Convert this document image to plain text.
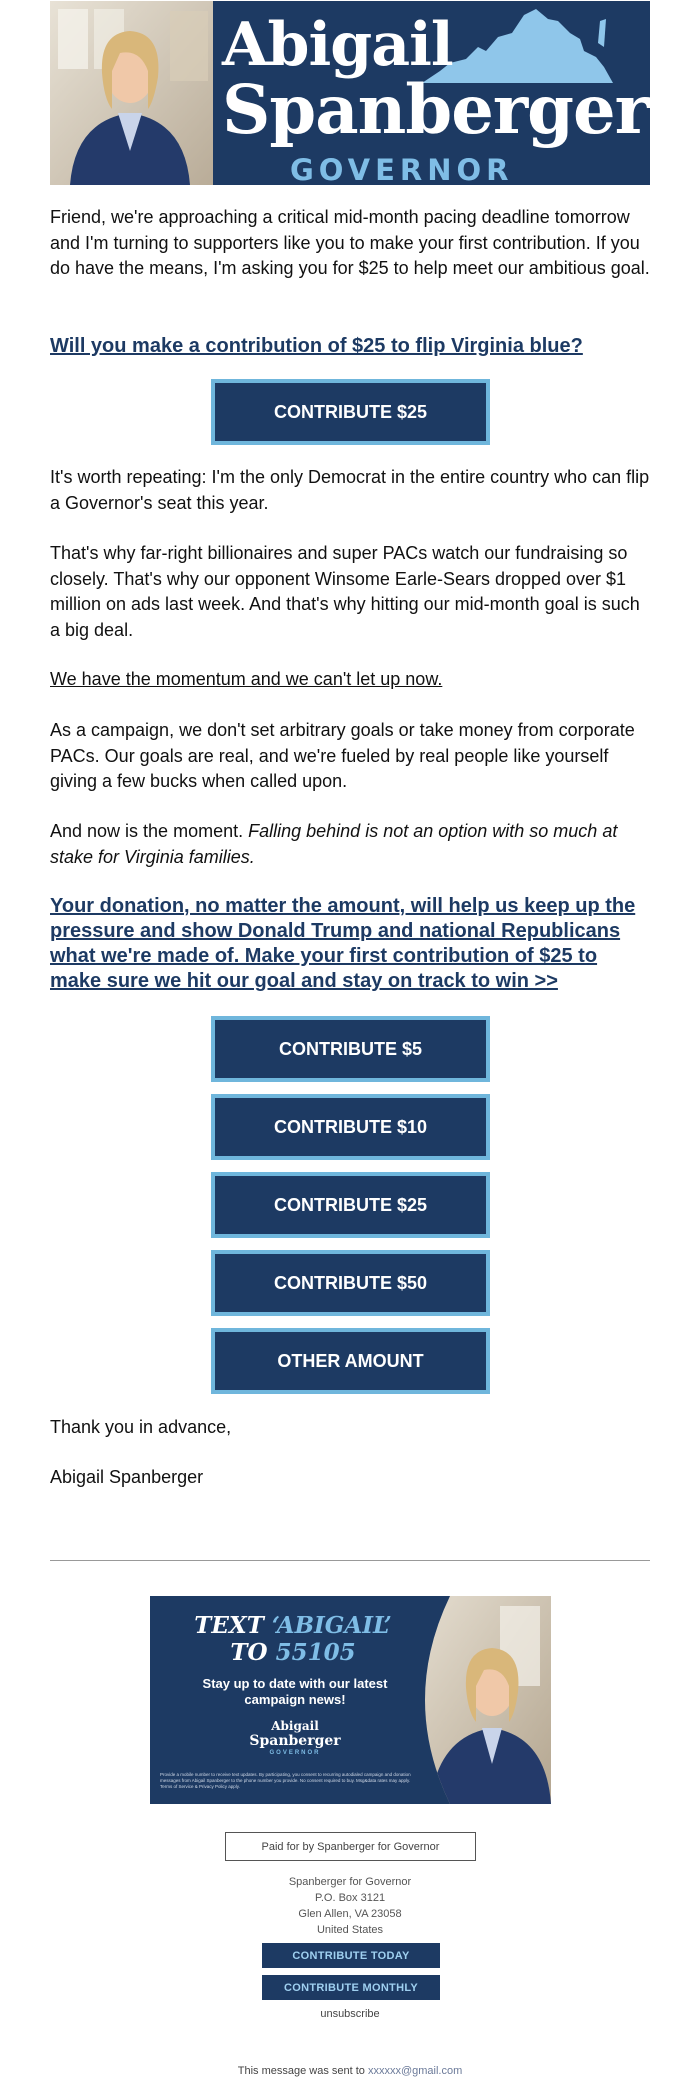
Abigail
Spanberger
GOVERNOR
Friend, we're approaching a critical mid-month pacing deadline tomorrow and I'm turning to supporters like you to make your first contribution. If you do have the means, I'm asking you for $25 to help meet our ambitious goal.
Will you make a contribution of $25 to flip Virginia blue?
CONTRIBUTE $25
It's worth repeating: I'm the only Democrat in the entire country who can flip a Governor's seat this year.
That's why far-right billionaires and super PACs watch our fundraising so closely. That's why our opponent Winsome Earle-Sears dropped over $1 million on ads last week. And that's why hitting our mid-month goal is such a big deal.
We have the momentum and we can't let up now.
As a campaign, we don't set arbitrary goals or take money from corporate PACs. Our goals are real, and we're fueled by real people like yourself giving a few bucks when called upon.
And now is the moment. Falling behind is not an option with so much at stake for Virginia families.
Your donation, no matter the amount, will help us keep up the pressure and show Donald Trump and national Republicans what we're made of. Make your first contribution of $25 to make sure we hit our goal and stay on track to win >>
CONTRIBUTE $5
CONTRIBUTE $10
CONTRIBUTE $25
CONTRIBUTE $50
OTHER AMOUNT
Thank you in advance,
Abigail Spanberger
TEXT ‘ABIGAIL’
TO 55105
Stay up to date with our latest campaign news!
Abigail
Spanberger
GOVERNOR
Provide a mobile number to receive text updates. By participating, you consent to recurring autodialed campaign and donation messages from Abigail Spanberger to the phone number you provide. No consent required to buy. Msg&data rates may apply. Terms of Service & Privacy Policy apply.
Paid for by Spanberger for Governor
Spanberger for Governor
P.O. Box 3121
Glen Allen, VA 23058
United States
CONTRIBUTE TODAY
CONTRIBUTE MONTHLY
unsubscribe
This message was sent to xxxxxx@gmail.com
